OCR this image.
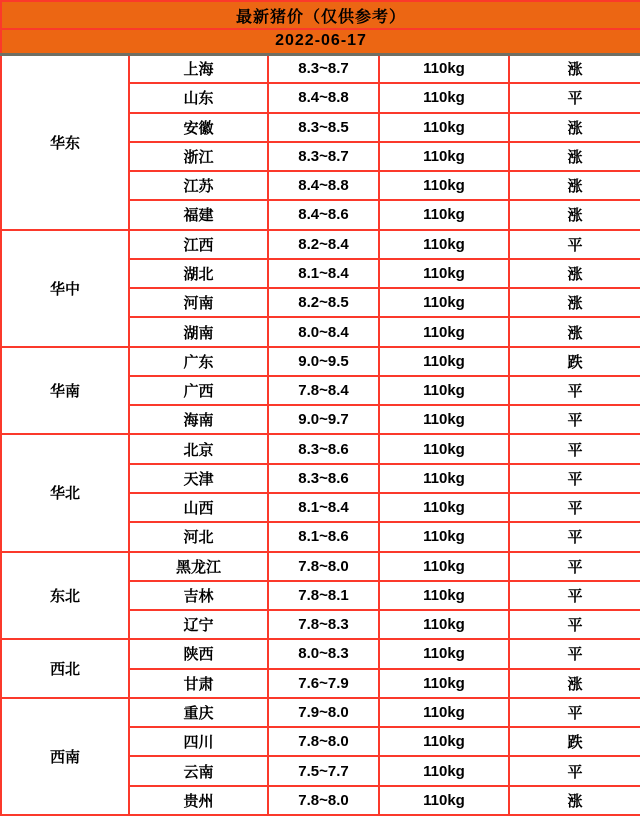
最新猪价（仅供参考）				
2022-06-17				
华东	上海	8.3~8.7	110kg	涨
	山东	8.4~8.8	110kg	平
	安徽	8.3~8.5	110kg	涨
	浙江	8.3~8.7	110kg	涨
	江苏	8.4~8.8	110kg	涨
	福建	8.4~8.6	110kg	涨
华中	江西	8.2~8.4	110kg	平
	湖北	8.1~8.4	110kg	涨
	河南	8.2~8.5	110kg	涨
	湖南	8.0~8.4	110kg	涨
华南	广东	9.0~9.5	110kg	跌
	广西	7.8~8.4	110kg	平
	海南	9.0~9.7	110kg	平
华北	北京	8.3~8.6	110kg	平
	天津	8.3~8.6	110kg	平
	山西	8.1~8.4	110kg	平
	河北	8.1~8.6	110kg	平
东北	黑龙江	7.8~8.0	110kg	平
	吉林	7.8~8.1	110kg	平
	辽宁	7.8~8.3	110kg	平
西北	陕西	8.0~8.3	110kg	平
	甘肃	7.6~7.9	110kg	涨
西南	重庆	7.9~8.0	110kg	平
	四川	7.8~8.0	110kg	跌
	云南	7.5~7.7	110kg	平
	贵州	7.8~8.0	110kg	涨
